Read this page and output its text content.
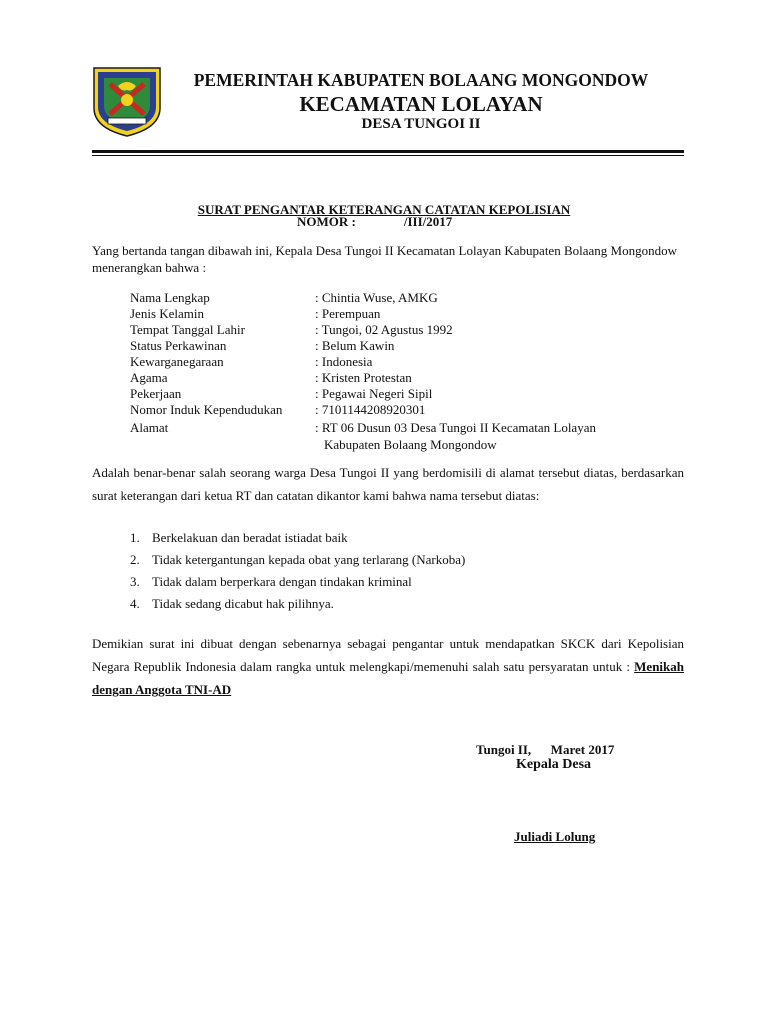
PEMERINTAH KABUPATEN BOLAANG MONGONDOW
KECAMATAN LOLAYAN
DESA TUNGOI II
SURAT PENGANTAR KETERANGAN CATATAN KEPOLISIAN
NOMOR :	/III/2017

Yang bertanda tangan dibawah ini, Kepala Desa Tungoi II Kecamatan Lolayan Kabupaten Bolaang Mongondow menerangkan bahwa :

Nama Lengkap	: Chintia Wuse, AMKG
Jenis Kelamin	: Perempuan
Tempat Tanggal Lahir	: Tungoi, 02 Agustus 1992
Status Perkawinan	: Belum Kawin
Kewarganegaraan	: Indonesia
Agama	: Kristen Protestan
Pekerjaan	: Pegawai Negeri Sipil
Nomor Induk Kependudukan	: 7101144208920301
Alamat	: RT 06 Dusun 03 Desa Tungoi II Kecamatan Lolayan
Kabupaten Bolaang Mongondow

Adalah benar-benar salah seorang warga Desa Tungoi II yang berdomisili di alamat tersebut diatas, berdasarkan surat keterangan dari ketua RT dan catatan dikantor kami bahwa nama tersebut diatas:

1. Berkelakuan dan beradat istiadat baik
2. Tidak ketergantungan kepada obat yang terlarang (Narkoba)
3. Tidak dalam berperkara dengan tindakan kriminal
4. Tidak sedang dicabut hak pilihnya.

Demikian surat ini dibuat dengan sebenarnya sebagai pengantar untuk mendapatkan SKCK dari Kepolisian Negara Republik Indonesia dalam rangka untuk melengkapi/memenuhi salah satu persyaratan untuk : Menikah dengan Anggota TNI-AD

Tungoi II,      Maret 2017
Kepala Desa
Juliadi Lolung
